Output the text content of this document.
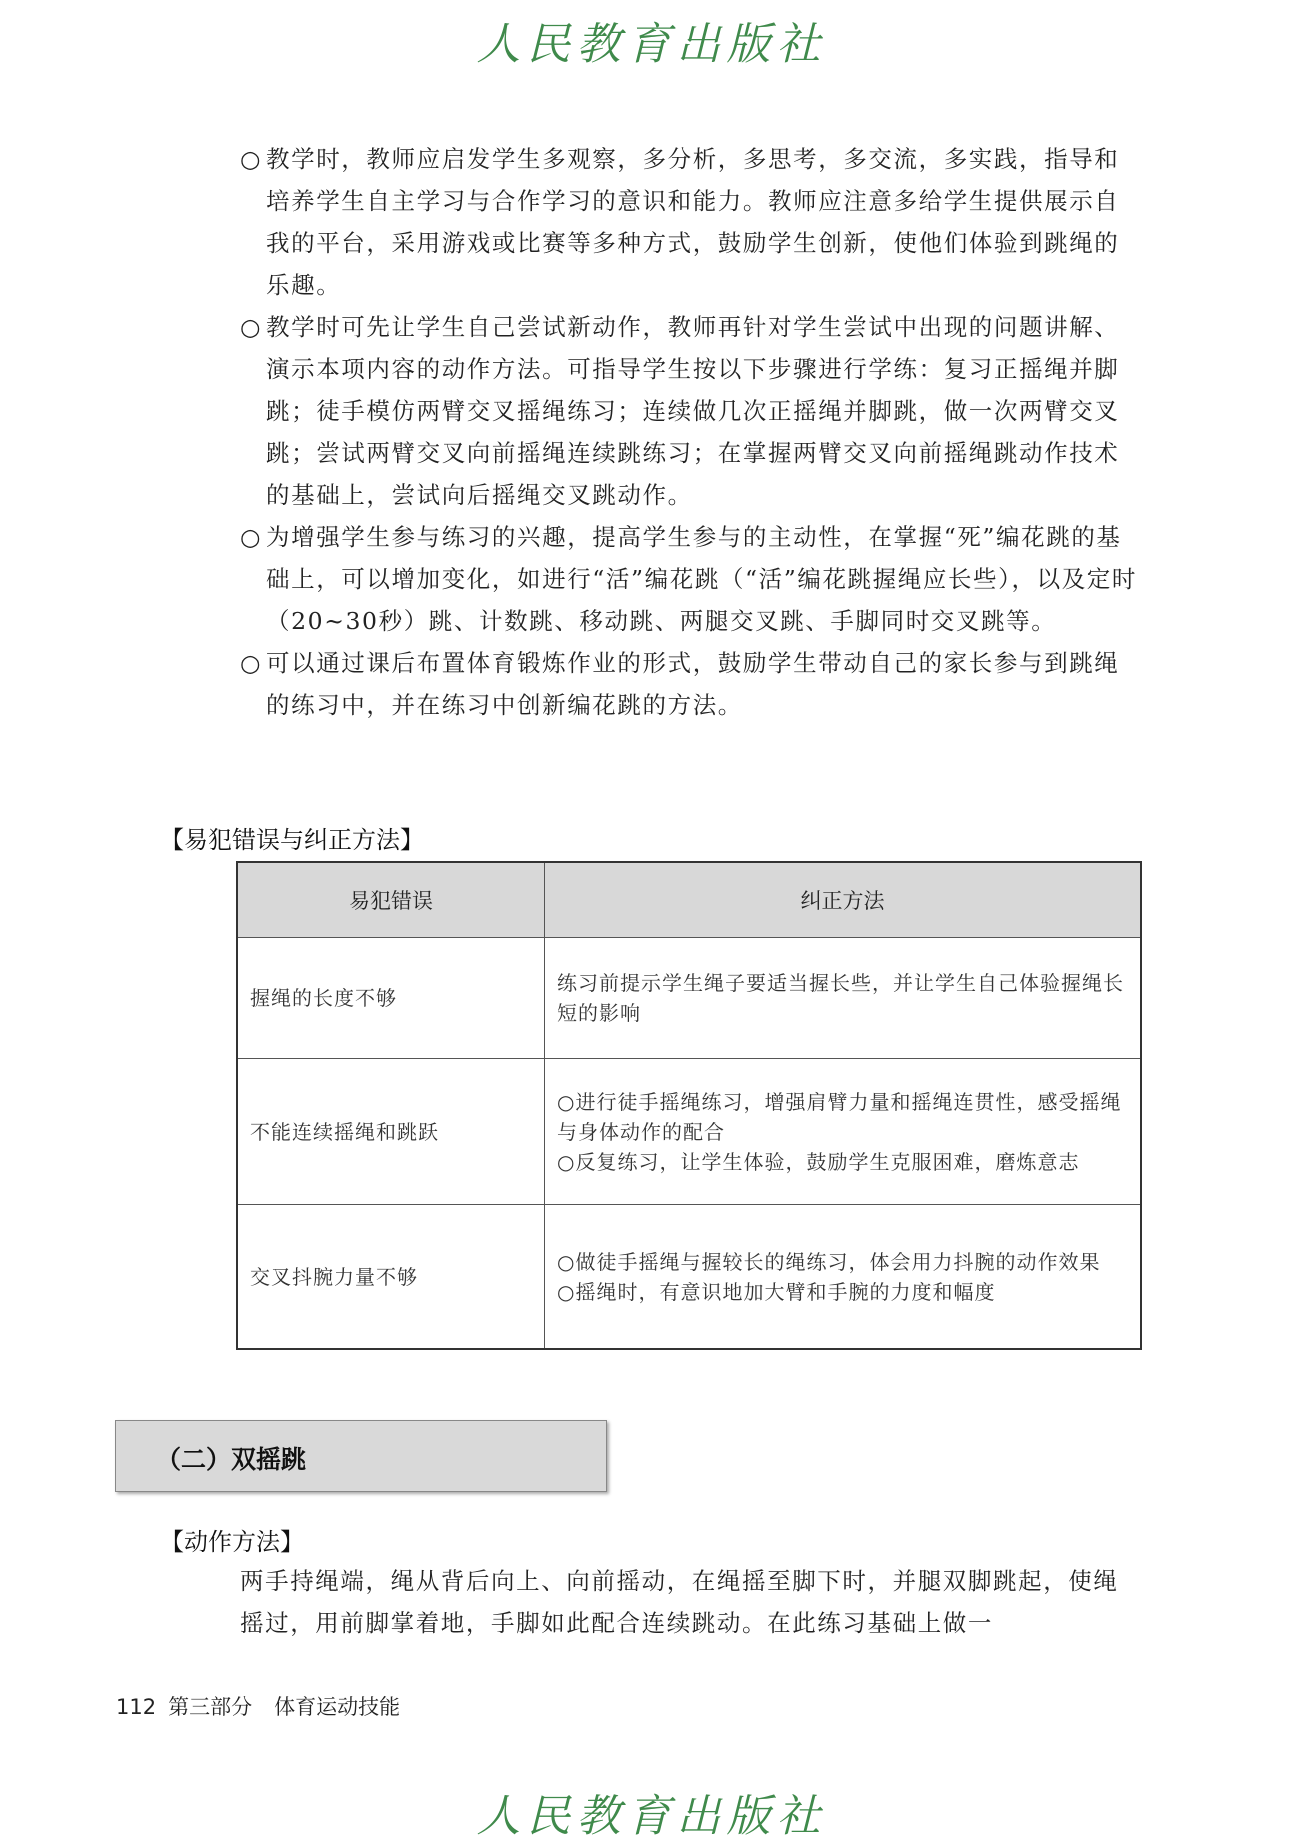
人民教育出版社
○ 教学时，教师应启发学生多观察，多分析，多思考，多交流，多实践，指导和培养学生自主学习与合作学习的意识和能力。教师应注意多给学生提供展示自我的平台，采用游戏或比赛等多种方式，鼓励学生创新，使他们体验到跳绳的乐趣。
○ 教学时可先让学生自己尝试新动作，教师再针对学生尝试中出现的问题讲解、演示本项内容的动作方法。可指导学生按以下步骤进行学练：复习正摇绳并脚跳；徒手模仿两臂交叉摇绳练习；连续做几次正摇绳并脚跳，做一次两臂交叉跳；尝试两臂交叉向前摇绳连续跳练习；在掌握两臂交叉向前摇绳跳动作技术的基础上，尝试向后摇绳交叉跳动作。
○ 为增强学生参与练习的兴趣，提高学生参与的主动性，在掌握“死”编花跳的基础上，可以增加变化，如进行“活”编花跳（“活”编花跳握绳应长些），以及定时（20~30秒）跳、计数跳、移动跳、两腿交叉跳、手脚同时交叉跳等。
○ 可以通过课后布置体育锻炼作业的形式，鼓励学生带动自己的家长参与到跳绳的练习中，并在练习中创新编花跳的方法。
【易犯错误与纠正方法】
易犯错误	纠正方法
握绳的长度不够	练习前提示学生绳子要适当握长些，并让学生自己体验握绳长短的影响

不能连续摇绳和跳跃	○进行徒手摇绳练习，增强肩臂力量和摇绳连贯性，感受摇绳与身体动作的配合
○反复练习，让学生体验，鼓励学生克服困难，磨炼意志

交叉抖腕力量不够	○做徒手摇绳与握较长的绳练习，体会用力抖腕的动作效果
○摇绳时，有意识地加大臂和手腕的力度和幅度
（二）双摇跳
【动作方法】
两手持绳端，绳从背后向上、向前摇动，在绳摇至脚下时，并腿双脚跳起，使绳摇过，用前脚掌着地，手脚如此配合连续跳动。在此练习基础上做一
112 第三部分 体育运动技能
人民教育出版社
